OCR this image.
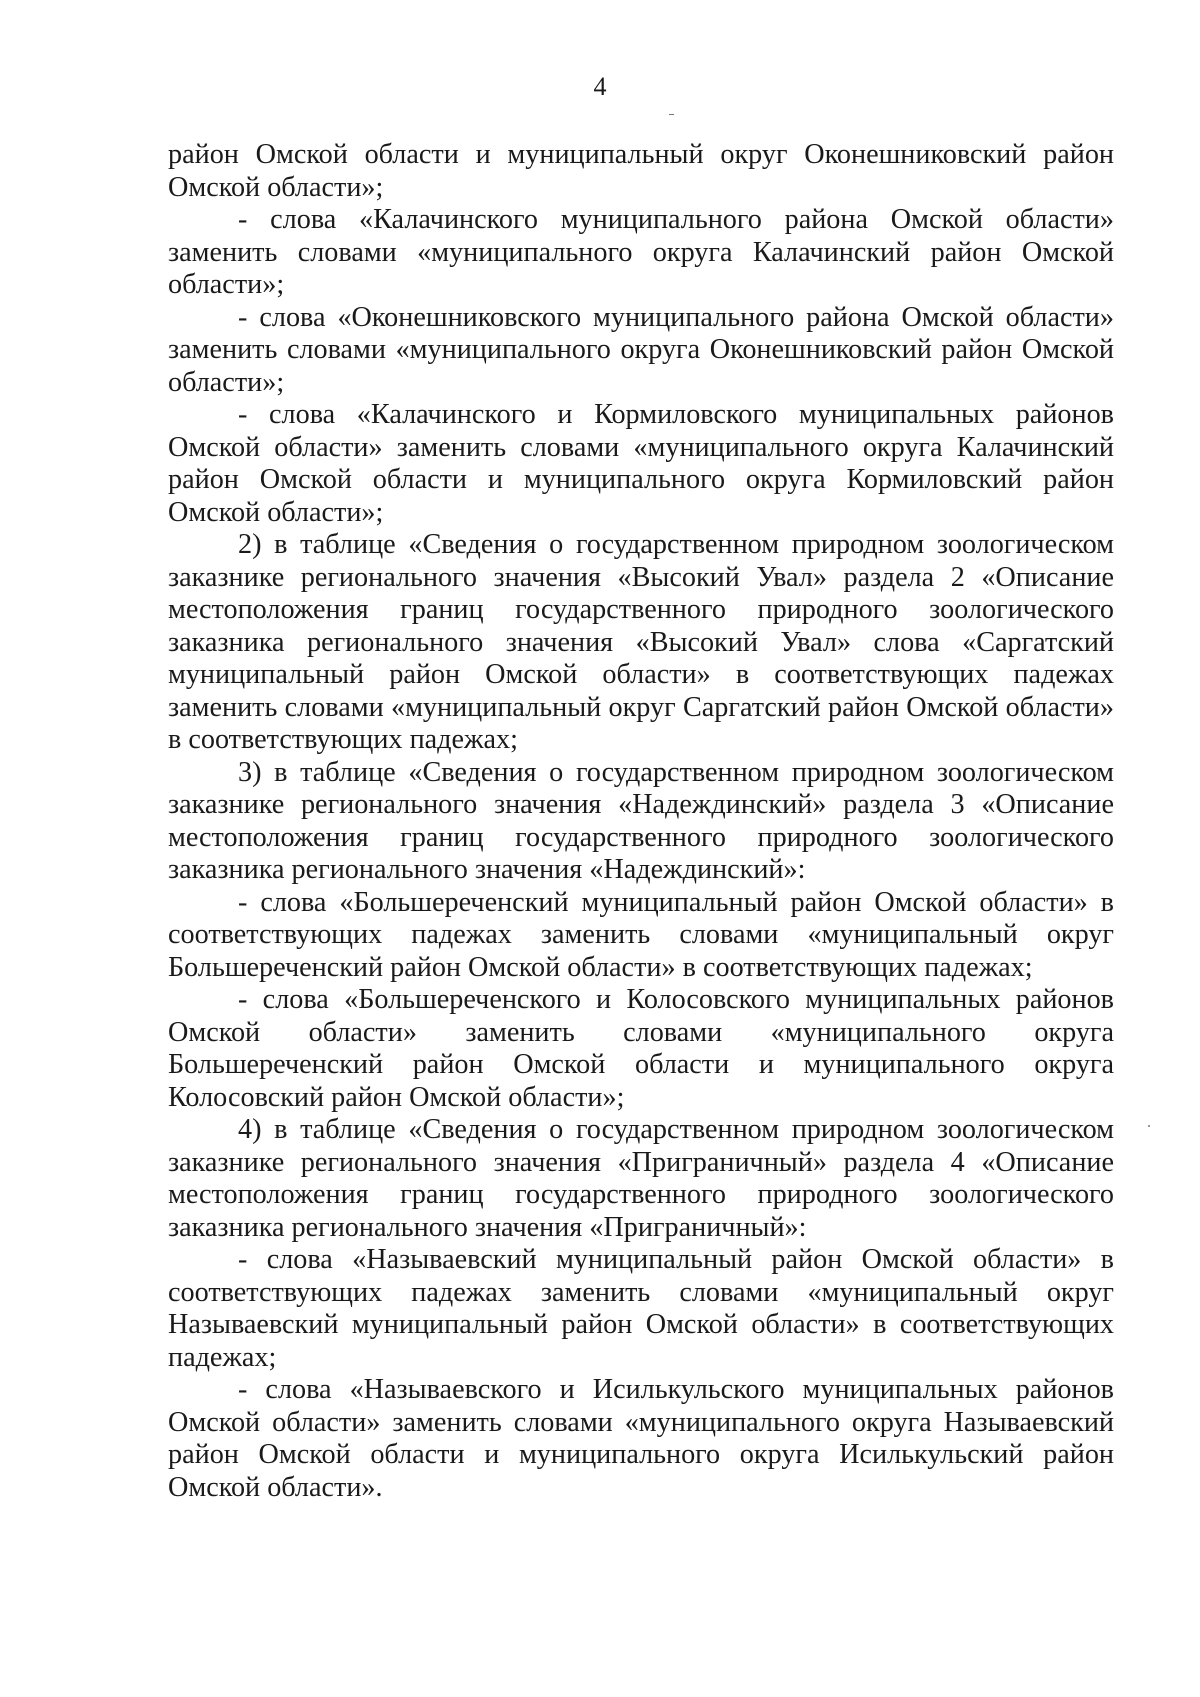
4

район Омской области и муниципальный округ Оконешниковский район Омской области»;

- слова «Калачинского муниципального района Омской области» заменить словами «муниципального округа Калачинский район Омской области»;

- слова «Оконешниковского муниципального района Омской области» заменить словами «муниципального округа Оконешниковский район Омской области»;

- слова «Калачинского и Кормиловского муниципальных районов Омской области» заменить словами «муниципального округа Калачинский район Омской области и муниципального округа Кормиловский район Омской области»;

2) в таблице «Сведения о государственном природном зоологическом заказнике регионального значения «Высокий Увал» раздела 2 «Описание местоположения границ государственного природного зоологического заказника регионального значения «Высокий Увал» слова «Саргатский муниципальный район Омской области» в соответствующих падежах заменить словами «муниципальный округ Саргатский район Омской области» в соответствующих падежах;

3) в таблице «Сведения о государственном природном зоологическом заказнике регионального значения «Надеждинский» раздела 3 «Описание местоположения границ государственного природного зоологического заказника регионального значения «Надеждинский»:

- слова «Большереченский муниципальный район Омской области» в соответствующих падежах заменить словами «муниципальный округ Большереченский район Омской области» в соответствующих падежах;

- слова «Большереченского и Колосовского муниципальных районов Омской области» заменить словами «муниципального округа Большереченский район Омской области и муниципального округа Колосовский район Омской области»;

4) в таблице «Сведения о государственном природном зоологическом заказнике регионального значения «Приграничный» раздела 4 «Описание местоположения границ государственного природного зоологического заказника регионального значения «Приграничный»:

- слова «Называевский муниципальный район Омской области» в соответствующих падежах заменить словами «муниципальный округ Называевский муниципальный район Омской области» в соответствующих падежах;

- слова «Называевского и Исилькульского муниципальных районов Омской области» заменить словами «муниципального округа Называевский район Омской области и муниципального округа Исилькульский район Омской области».
